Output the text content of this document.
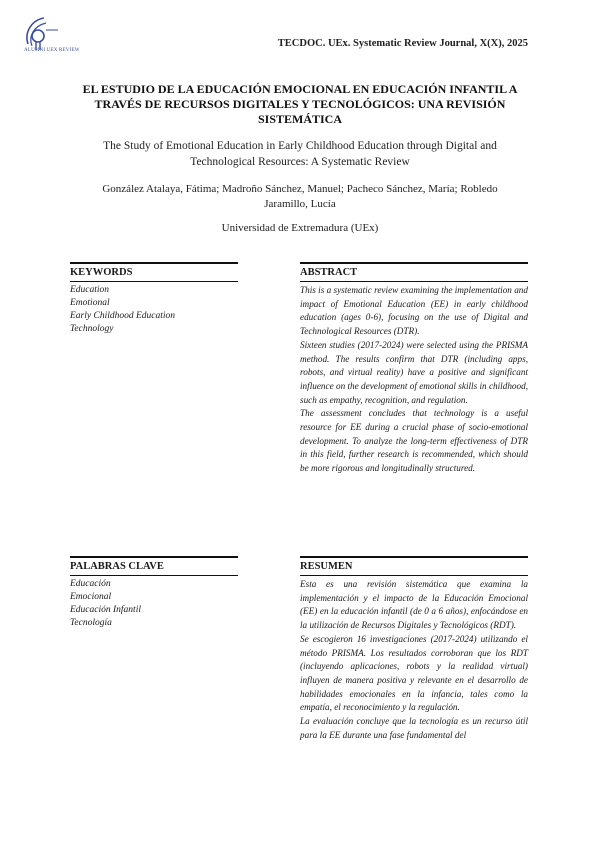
ALUMNI UEX REVIEW
TECDOC. UEx. Systematic Review Journal, X(X), 2025
EL ESTUDIO DE LA EDUCACIÓN EMOCIONAL EN EDUCACIÓN INFANTIL A TRAVÉS DE RECURSOS DIGITALES Y TECNOLÓGICOS: UNA REVISIÓN SISTEMÁTICA
The Study of Emotional Education in Early Childhood Education through Digital and Technological Resources: A Systematic Review
González Atalaya, Fátima; Madroño Sánchez, Manuel; Pacheco Sánchez, María; Robledo Jaramillo, Lucía
Universidad de Extremadura (UEx)
KEYWORDS
Education
Emotional
Early Childhood Education
Technology
ABSTRACT

This is a systematic review examining the implementation and impact of Emotional Education (EE) in early childhood education (ages 0-6), focusing on the use of Digital and Technological Resources (DTR).

Sixteen studies (2017-2024) were selected using the PRISMA method. The results confirm that DTR (including apps, robots, and virtual reality) have a positive and significant influence on the development of emotional skills in childhood, such as empathy, recognition, and regulation.

The assessment concludes that technology is a useful resource for EE during a crucial phase of socio-emotional development. To analyze the long-term effectiveness of DTR in this field, further research is recommended, which should be more rigorous and longitudinally structured.

PALABRAS CLAVE
Educación
Emocional
Educación Infantil
Tecnología
RESUMEN

Esta es una revisión sistemática que examina la implementación y el impacto de la Educación Emocional (EE) en la educación infantil (de 0 a 6 años), enfocándose en la utilización de Recursos Digitales y Tecnológicos (RDT).

Se escogieron 16 investigaciones (2017-2024) utilizando el método PRISMA. Los resultados corroboran que los RDT (incluyendo aplicaciones, robots y la realidad virtual) influyen de manera positiva y relevante en el desarrollo de habilidades emocionales en la infancia, tales como la empatía, el reconocimiento y la regulación.

La evaluación concluye que la tecnología es un recurso útil para la EE durante una fase fundamental del
